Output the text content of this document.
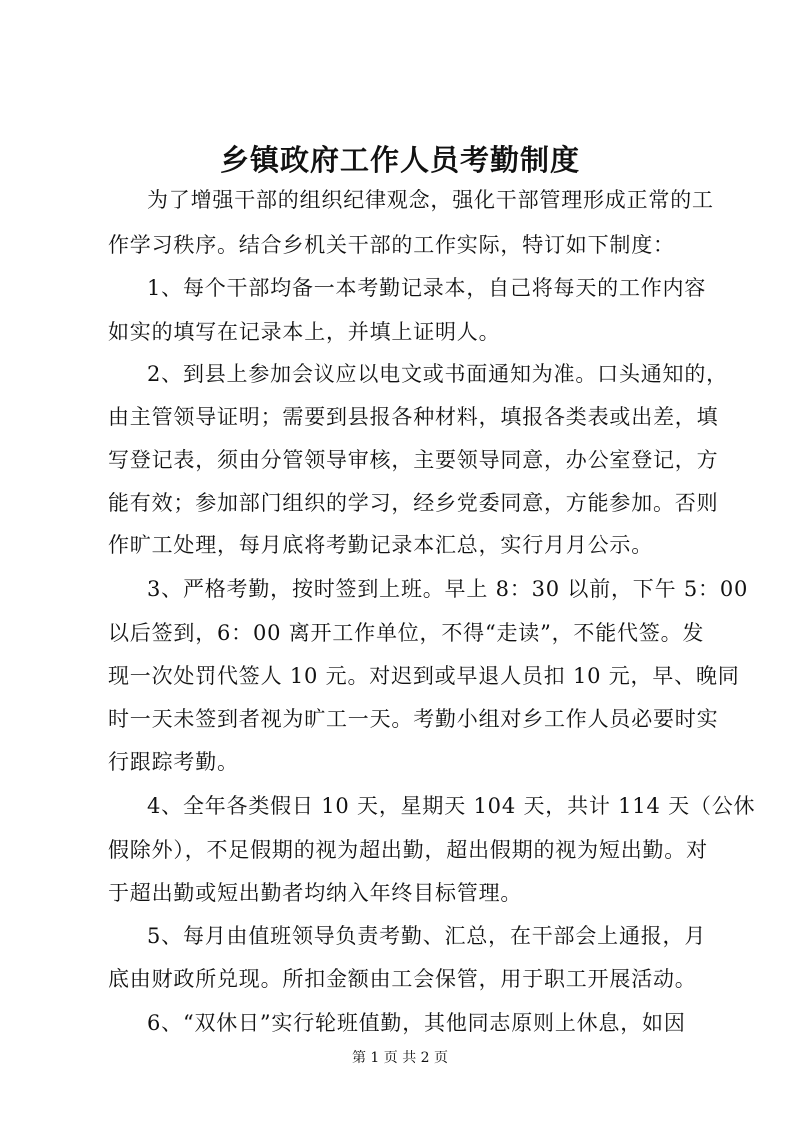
乡镇政府工作人员考勤制度
为了增强干部的组织纪律观念，强化干部管理形成正常的工
作学习秩序。结合乡机关干部的工作实际，特订如下制度：
1、每个干部均备一本考勤记录本，自己将每天的工作内容
如实的填写在记录本上，并填上证明人。
2、到县上参加会议应以电文或书面通知为准。口头通知的，
由主管领导证明；需要到县报各种材料，填报各类表或出差，填
写登记表，须由分管领导审核，主要领导同意，办公室登记，方
能有效；参加部门组织的学习，经乡党委同意，方能参加。否则
作旷工处理，每月底将考勤记录本汇总，实行月月公示。
3、严格考勤，按时签到上班。早上 8：30 以前，下午 5：00
以后签到，6：00 离开工作单位，不得“走读”，不能代签。发
现一次处罚代签人 10 元。对迟到或早退人员扣 10 元，早、晚同
时一天未签到者视为旷工一天。考勤小组对乡工作人员必要时实
行跟踪考勤。
4、全年各类假日 10 天，星期天 104 天，共计 114 天（公休
假除外），不足假期的视为超出勤，超出假期的视为短出勤。对
于超出勤或短出勤者均纳入年终目标管理。
5、每月由值班领导负责考勤、汇总，在干部会上通报，月
底由财政所兑现。所扣金额由工会保管，用于职工开展活动。
6、“双休日”实行轮班值勤，其他同志原则上休息，如因
第 1 页 共 2 页
